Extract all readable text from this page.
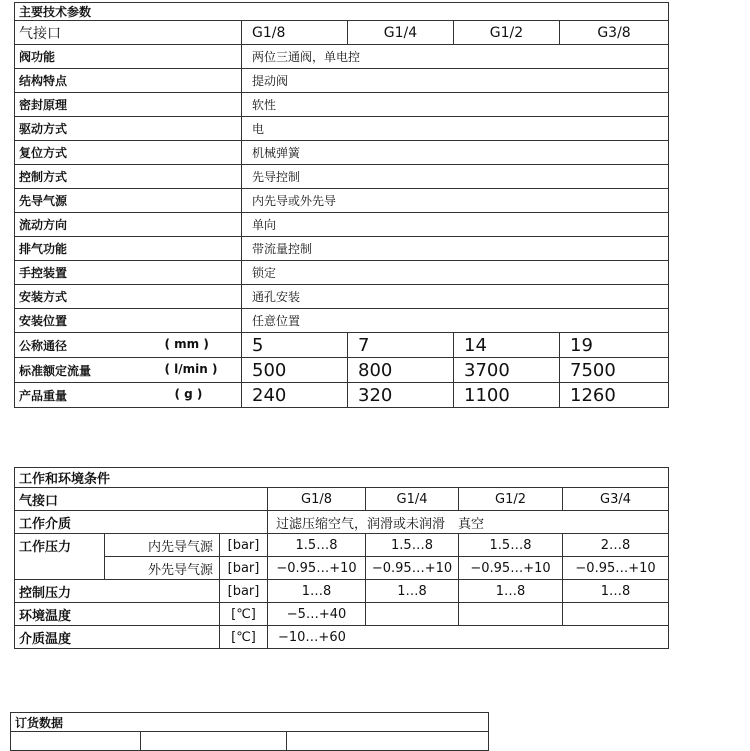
主要技术参数				
气接口	G1/8	G1/4	G1/2	G3/8
阀功能	两位三通阀，单电控			
结构特点	提动阀			
密封原理	软性			
驱动方式	电			
复位方式	机械弹簧			
控制方式	先导控制			
先导气源	内先导或外先导			
流动方向	单向			
排气功能	带流量控制			
手控装置	锁定			
安装方式	通孔安装			
安装位置	任意位置			
公称通径 ( mm )	5	7	14	19
标准额定流量 ( l/min )	500	800	3700	7500
产品重量 ( g )	240	320	1100	1260
工作和环境条件						
气接口			G1/8	G1/4	G1/2	G3/4
工作介质			过滤压缩空气，润滑或未润滑　真空			
工作压力	内先导气源	[bar]	1.5…8	1.5…8	1.5…8	2…8
	外先导气源	[bar]	−0.95…+10	−0.95…+10	−0.95…+10	−0.95…+10
控制压力		[bar]	1…8	1…8	1…8	1…8
环境温度		[℃]	−5…+40			
介质温度		[℃]	−10…+60			
订货数据
